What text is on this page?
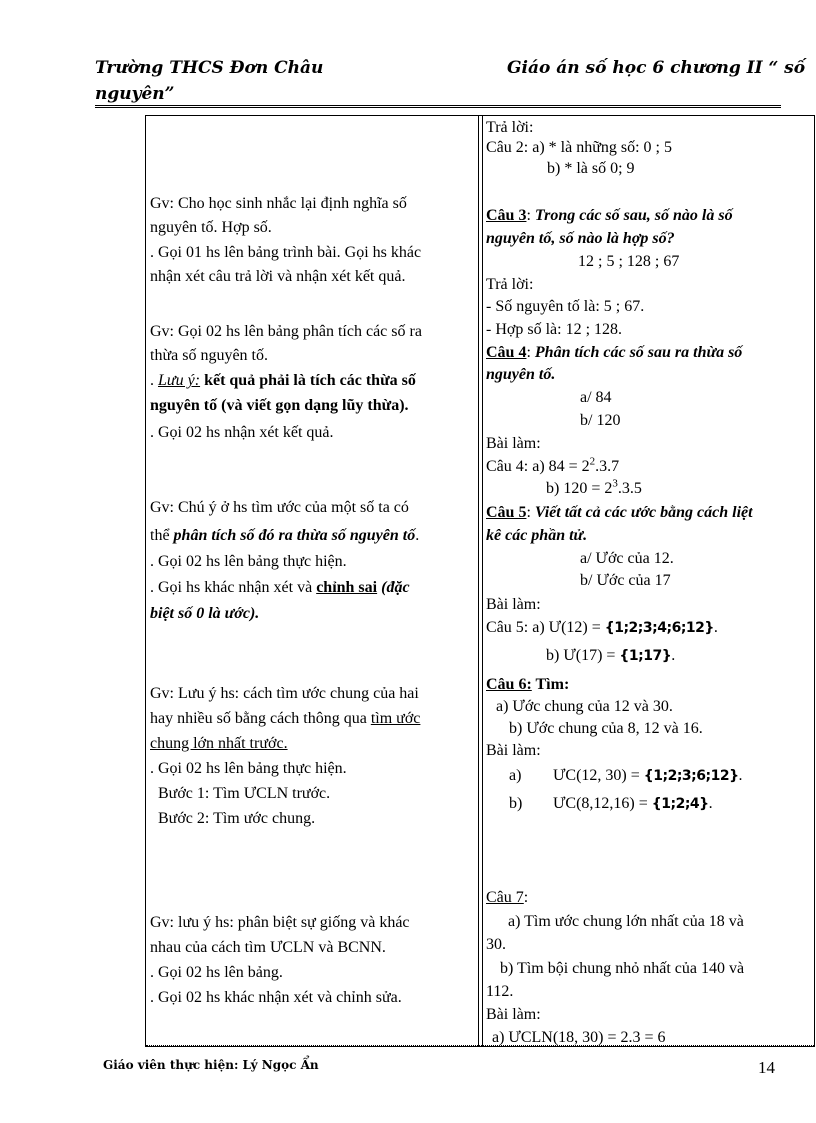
Trường THCS Đơn Châu	Giáo án số học 6 chương II “ số
nguyên”
Gv: Cho học sinh nhắc lại định nghĩa số
nguyên tố. Hợp số.
. Gọi 01 hs lên bảng trình bài. Gọi hs khác
nhận xét câu trả lời và nhận xét kết quả.
Gv: Gọi 02 hs lên bảng phân tích các số ra
thừa số nguyên tố.
. Lưu ý: kết quả phải là tích các thừa số
nguyên tố (và viết gọn dạng lũy thừa).
. Gọi 02 hs nhận xét kết quả.
Gv: Chú ý ở hs tìm ước của một số ta có
thể phân tích số đó ra thừa số nguyên tố.
. Gọi 02 hs lên bảng thực hiện.
. Gọi hs khác nhận xét và chỉnh sai (đặc
biệt số 0 là ước).
Gv: Lưu ý hs: cách tìm ước chung của hai
hay nhiều số bằng cách thông qua tìm ước
chung lớn nhất trước.
. Gọi 02 hs lên bảng thực hiện.
Bước 1: Tìm ƯCLN trước.
Bước 2: Tìm ước chung.
Gv: lưu ý hs: phân biệt sự giống và khác
nhau của cách tìm ƯCLN và BCNN.
. Gọi 02 hs lên bảng.
. Gọi 02 hs khác nhận xét và chỉnh sửa.
Trả lời:
Câu 2: a) * là những số: 0 ; 5
b) * là số 0; 9
Câu 3: Trong các số sau, số nào là số
nguyên tố, số nào là hợp số?
12 ; 5 ; 128 ; 67
Trả lời:
- Số nguyên tố là: 5 ; 67.
- Hợp số là: 12 ; 128.
Câu 4: Phân tích các số sau ra thừa số
nguyên tố.
a/ 84
b/ 120
Bài làm:
Câu 4: a) $84 = 2^2.3.7$
b) $120 = 2^3.3.5$
Câu 5: Viết tất cả các ước bằng cách liệt
kê các phần tử.
a/ Ước của 12.
b/ Ước của 17
Bài làm:
Câu 5: a) Ư(12) = {1;2;3;4;6;12}.
b) Ư(17) = {1;17}.
Câu 6: Tìm:
a) Ước chung của 12 và 30.
b) Ước chung của 8, 12 và 16.
Bài làm:
a) ƯC(12, 30) = {1;2;3;6;12}.
b) ƯC(8,12,16) = {1;2;4}.
Câu 7:
a) Tìm ước chung lớn nhất của 18 và
30.
b) Tìm bội chung nhỏ nhất của 140 và
112.
Bài làm:
a) ƯCLN(18, 30) = 2.3 = 6
Giáo viên thực hiện: Lý Ngọc Ẩn	14
